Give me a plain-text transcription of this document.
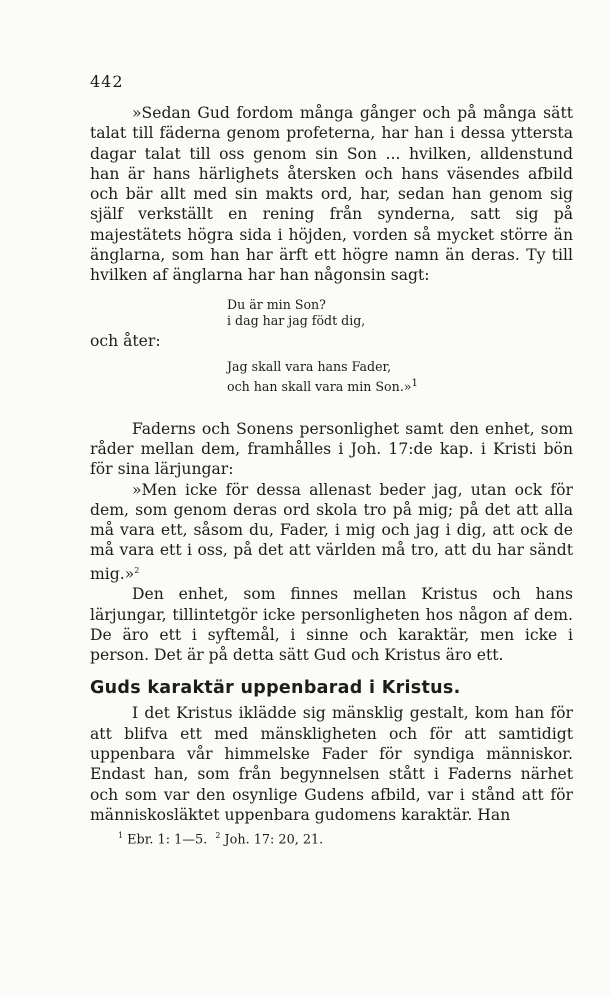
442

»Sedan Gud fordom många gånger och på många sätt talat till fäderna genom profeterna, har han i dessa yttersta dagar talat till oss genom sin Son ... hvilken, alldenstund han är hans härlighets återsken och hans väsendes afbild och bär allt med sin makts ord, har, sedan han genom sig själf verkställt en rening från synderna, satt sig på majestätets högra sida i höjden, vorden så mycket större än änglarna, som han har ärft ett högre namn än deras. Ty till hvilken af änglarna har han någonsin sagt:

Du är min Son?
i dag har jag födt dig,
och åter:
Jag skall vara hans Fader,
och han skall vara min Son.»$^1$

Faderns och Sonens personlighet samt den enhet, som råder mellan dem, framhålles i Joh. 17:de kap. i Kristi bön för sina lärjungar:

»Men icke för dessa allenast beder jag, utan ock för dem, som genom deras ord skola tro på mig; på det att alla må vara ett, såsom du, Fader, i mig och jag i dig, att ock de må vara ett i oss, på det att världen må tro, att du har sändt mig.»$^2$

Den enhet, som finnes mellan Kristus och hans lärjungar, tillintetgör icke personligheten hos någon af dem. De äro ett i syftemål, i sinne och karaktär, men icke i person. Det är på detta sätt Gud och Kristus äro ett.

Guds karaktär uppenbarad i Kristus.

I det Kristus iklädde sig mänsklig gestalt, kom han för att blifva ett med mänskligheten och för att samtidigt uppenbara vår himmelske Fader för syndiga människor. Endast han, som från begynnelsen stått i Faderns närhet och som var den osynlige Gudens afbild, var i stånd att för människosläktet uppenbara gudomens karaktär. Han

$^1$ Ebr. 1: 1—5. $^2$ Joh. 17: 20, 21.
